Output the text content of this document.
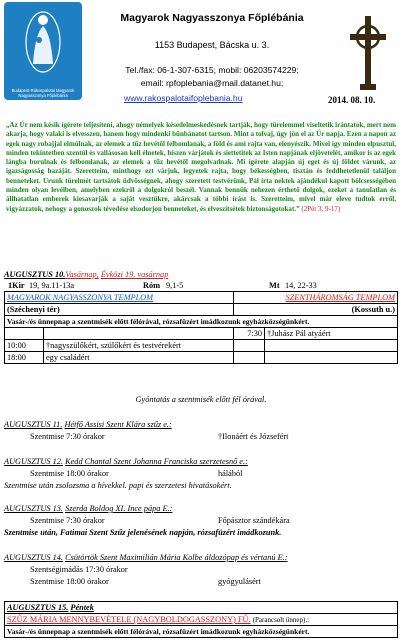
Budapest-Rákospalotai Magyarok Nagyasszonya Főplébánia
Magyarok Nagyasszonya Főplébánia
1153 Budapest, Bácska u. 3.
Tel./fax: 06-1-307-6315; mobil: 06203574229;
email: rpfoplebania@mail.datanet.hu;
www.rakospalotaifoplebania.hu	2014. 08. 10.
„Az Úr nem késik ígérete teljesítení, ahogy némelyek késedelmeskedésnek tartják, hogy türelemmel viseltetik irántatok, mert nem akarja, hogy valaki is elvesszen, hanem hogy mindenki bűnbánatot tartson. Mint a tolvaj, úgy jön el az Úr napja. Ezen a napon az egek nagy robajjal elmúlnak, az elemek a tűz hevétől felbomlanak, a föld és ami rajta van, elenyészik. Mivel így minden elpusztul, minden tekintetben szentül és vallásosan kell élnetek, hiszen várjátok és siettetitek az Isten napjának eljövetelét, amikor is az egek lángba borulnak és felbomlanak, az elemek a tűz hevétől megolvadnak. Mi ígérete alapján új eget és új földet várunk, az igazságosság hazáját. Szeretteim, minthogy ezt várjuk, legyetek rajta, hogy békességben, tisztán és feddhetetlenül találjon benneteket. Urunk türelmét tartsátok üdvösségnek, ahogy szeretett testvérünk, Pál írta nektek ajándékul kapott bölcsességében minden olyan levélben, amelyben ezekről a dolgokról beszél. Vannak bennük nehezen érthető dolgok, ezeket a tanulatlan és állhatatlan emberek kiesavarják a saját vesztükre, akárcsak a többi írást is. Szeretteim, mivel már eleve tudtok erről, vigyázzatok, nehogy a gonoszok tévedése elsodorjon benneteket, és elveszítsétek biztonságotokat.” (2Pét 3, 9-17)
AUGUSZTUS 10.Vasárnap, Évközi 19. vasárnap
1Kir 19, 9a.11-13a	Róm 9,1-5	Mt 14, 22-33
MAGYAROK NAGYASSZONYA TEMPLOM		SZENTHÁROMSÁG TEMPLOM	
(Széchenyi tér)		(Kossuth u.)	
Vasár-/és ünnepnap a szentmisék előtt félórával, rózsafüzért imádkozunk egyházközségünkért.			
		7:30	†Juhász Pál atyáért
10:00	†nagyszülőkért, szülőkért és testvérekért		
18:00	egy családért		
Gyóntatás a szentmisék előtt fél órával.
AUGUSZTUS 11. Hétfő Assisi Szent Klára szűz e.:
Szentmise 7:30 órakor	†Ilonáért és Józsefért
AUGUSZTUS 12. Kedd Chantal Szent Johanna Franciska szerzetesnő e.:
Szentmise 18:00 órakor	hálából
Szentmise után zsolozsma a hívekkel. papi és szerzetesi hivatásokért.
AUGUSZTUS 13. Szerda Boldog XI. Ince pápa E.:
Szentmise 7:30 órakor	Főpásztor szándékára
Szentmise után, Fatimai Szent Szűz jelenésének napján, rózsafüzért imádkozunk.
AUGUSZTUS 14. Csütörtök Szent Maximilián Mária Kolbe áldozópap és vértanú E.:
Szentségimádás 17:30 órakor
Szentmise 18:00 órakor	gyógyulásért
AUGUSZTUS 15. Péntek
SZŰZ MÁRIA MENNYBEVÉTELE (NAGYBOLDOGASSZONY) FŰ. (Parancsolt ünnep).:
Vasár-/és ünnepnap a szentmisék előtt félórával, rózsafüzért imádkozunk egyházközségünkért.
